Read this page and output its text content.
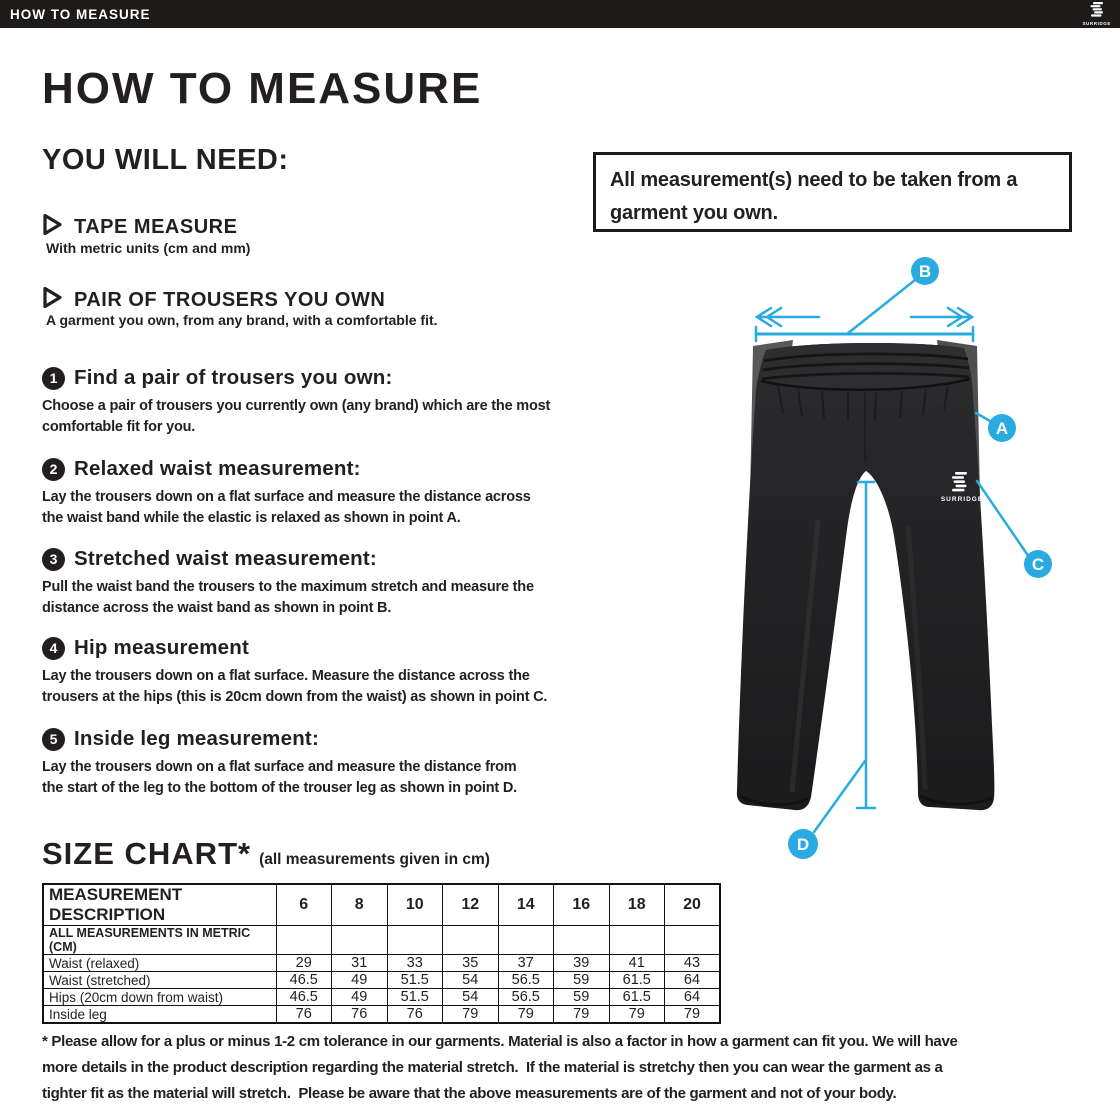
HOW TO MEASURE
SURRIDGE
HOW TO MEASURE
YOU WILL NEED:
TAPE MEASURE
With metric units (cm and mm)
PAIR OF TROUSERS YOU OWN
A garment you own, from any brand, with a comfortable fit.
All measurement(s) need to be taken from a
garment you own.
1 Find a pair of trousers you own:
Choose a pair of trousers you currently own (any brand) which are the most
comfortable fit for you.
2 Relaxed waist measurement:
Lay the trousers down on a flat surface and measure the distance across
the waist band while the elastic is relaxed as shown in point A.
3 Stretched waist measurement:
Pull the waist band the trousers to the maximum stretch and measure the
distance across the waist band as shown in point B.
4 Hip measurement
Lay the trousers down on a flat surface. Measure the distance across the
trousers at the hips (this is 20cm down from the waist) as shown in point C.
5 Inside leg measurement:
Lay the trousers down on a flat surface and measure the distance from
the start of the leg to the bottom of the trouser leg as shown in point D.
SURRIDGE
B
A
C
D
SIZE CHART* (all measurements given in cm)
MEASUREMENT DESCRIPTION	6	8	10	12	14	16	18	20
ALL MEASUREMENTS IN METRIC (CM)								
Waist (relaxed)	29	31	33	35	37	39	41	43
Waist (stretched)	46.5	49	51.5	54	56.5	59	61.5	64
Hips (20cm down from waist)	46.5	49	51.5	54	56.5	59	61.5	64
Inside leg	76	76	76	79	79	79	79	79
* Please allow for a plus or minus 1-2 cm tolerance in our garments. Material is also a factor in how a garment can fit you. We will have
more details in the product description regarding the material stretch.  If the material is stretchy then you can wear the garment as a
tighter fit as the material will stretch.  Please be aware that the above measurements are of the garment and not of your body.
